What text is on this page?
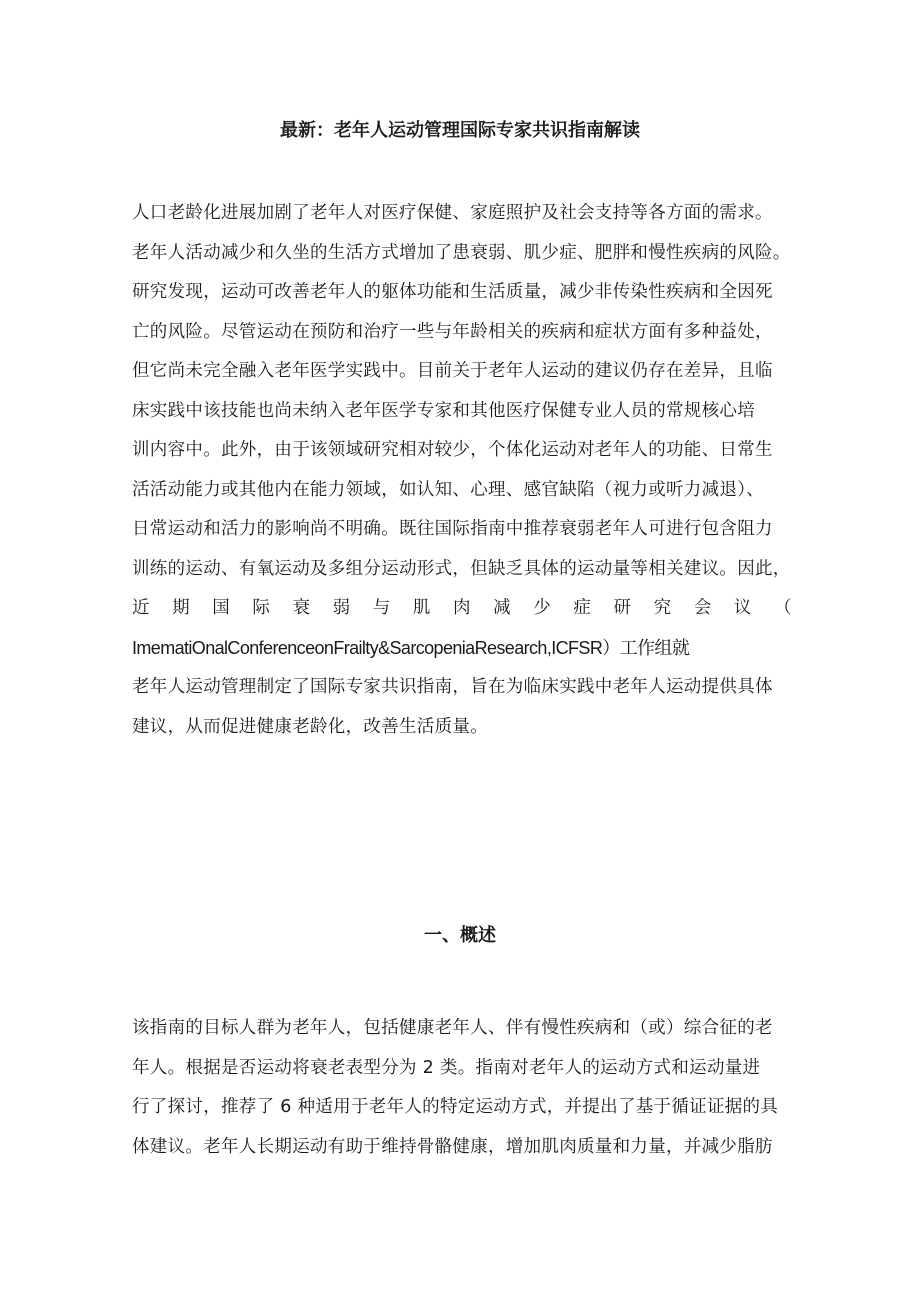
最新：老年人运动管理国际专家共识指南解读
人口老龄化进展加剧了老年人对医疗保健、家庭照护及社会支持等各方面的需求。
老年人活动减少和久坐的生活方式增加了患衰弱、肌少症、肥胖和慢性疾病的风险。
研究发现，运动可改善老年人的躯体功能和生活质量，减少非传染性疾病和全因死
亡的风险。尽管运动在预防和治疗一些与年龄相关的疾病和症状方面有多种益处，
但它尚未完全融入老年医学实践中。目前关于老年人运动的建议仍存在差异，且临
床实践中该技能也尚未纳入老年医学专家和其他医疗保健专业人员的常规核心培
训内容中。此外，由于该领域研究相对较少，个体化运动对老年人的功能、日常生
活活动能力或其他内在能力领域，如认知、心理、感官缺陷（视力或听力减退）、
日常运动和活力的影响尚不明确。既往国际指南中推荐衰弱老年人可进行包含阻力
训练的运动、有氧运动及多组分运动形式，但缺乏具体的运动量等相关建议。因此，
近 期 国 际 衰 弱 与 肌 肉 减 少 症 研 究 会 议 （
ImematiOnalConferenceonFrailty&SarcopeniaResearch,ICFSR）工作组就
老年人运动管理制定了国际专家共识指南，旨在为临床实践中老年人运动提供具体
建议，从而促进健康老龄化，改善生活质量。
一、概述
该指南的目标人群为老年人，包括健康老年人、伴有慢性疾病和（或）综合征的老
年人。根据是否运动将衰老表型分为 2 类。指南对老年人的运动方式和运动量进
行了探讨，推荐了 6 种适用于老年人的特定运动方式，并提出了基于循证证据的具
体建议。老年人长期运动有助于维持骨骼健康，增加肌肉质量和力量，并减少脂肪
